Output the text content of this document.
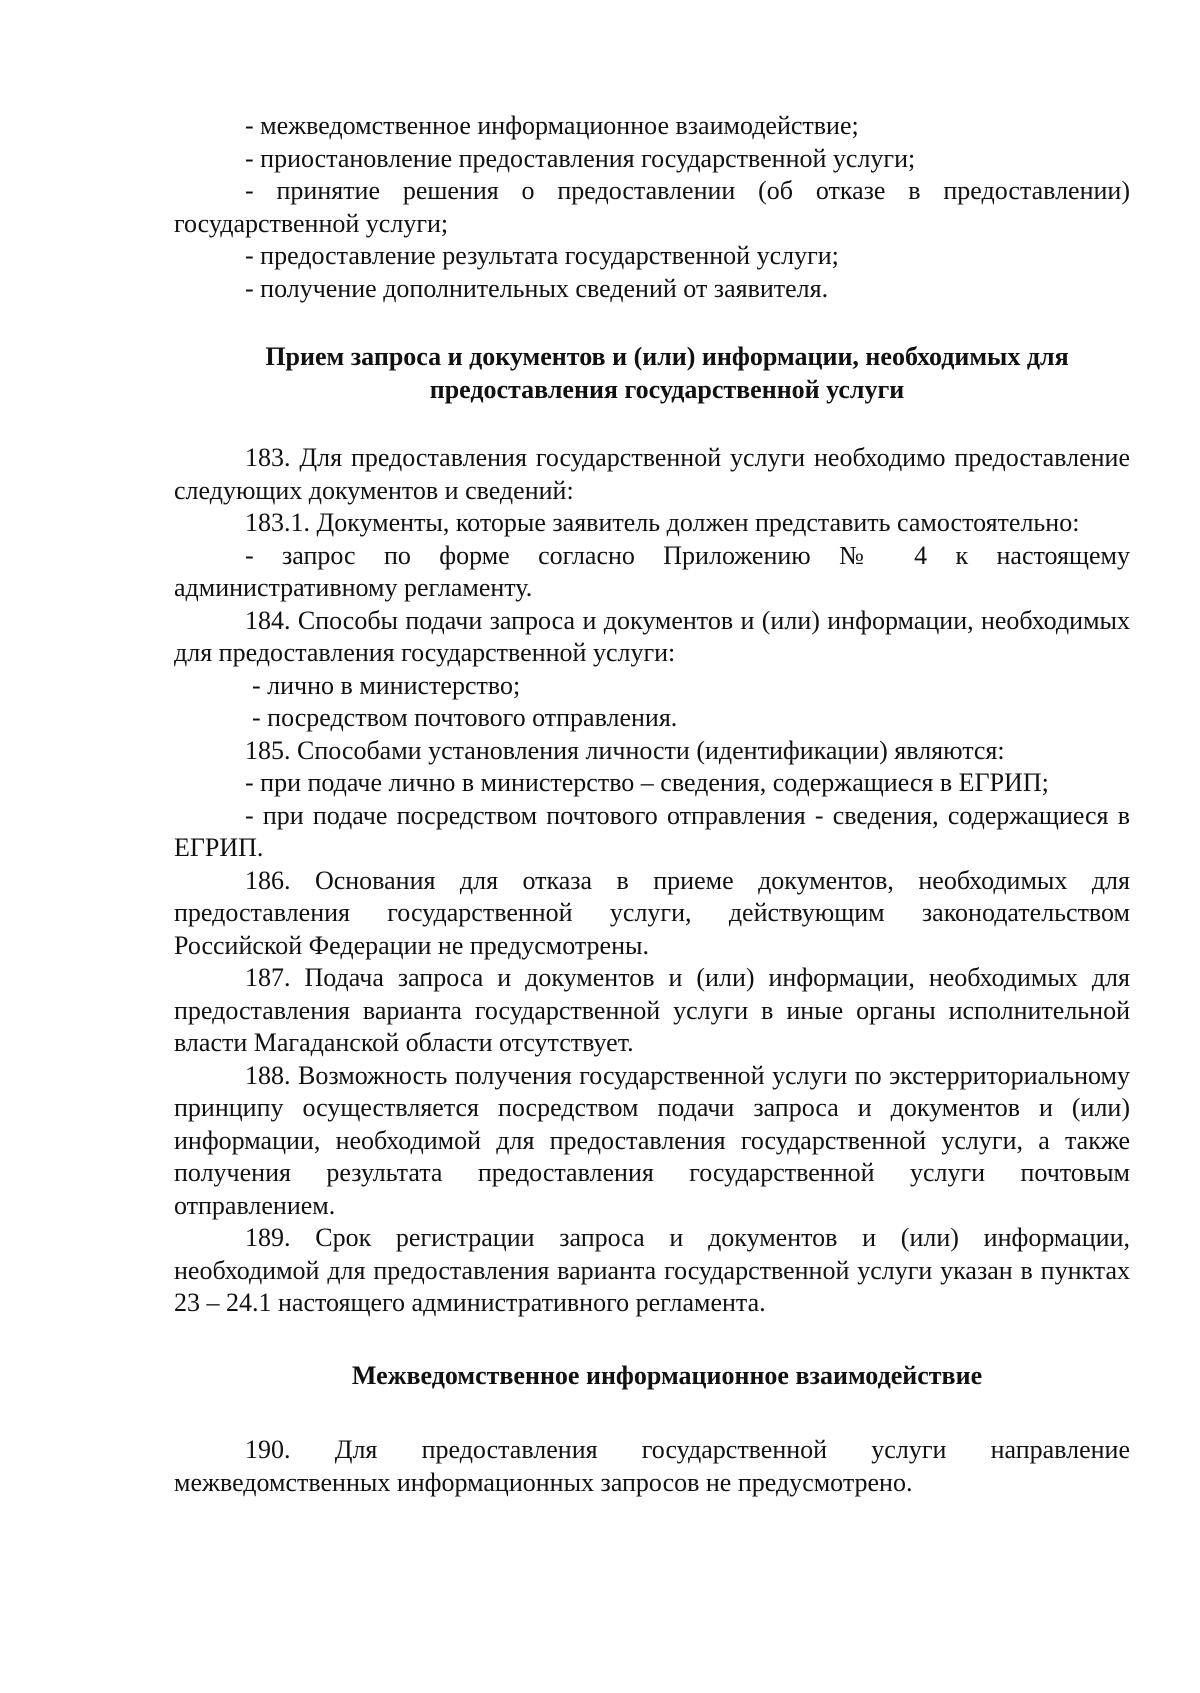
- межведомственное информационное взаимодействие;

- приостановление предоставления государственной услуги;

- принятие решения о предоставлении (об отказе в предоставлении) государственной услуги;

- предоставление результата государственной услуги;

- получение дополнительных сведений от заявителя.

Прием запроса и документов и (или) информации, необходимых для
предоставления государственной услуги

183. Для предоставления государственной услуги необходимо предоставление следующих документов и сведений:

183.1. Документы, которые заявитель должен представить самостоятельно:

- запрос по форме согласно Приложению № 4 к настоящему административному регламенту.

184. Способы подачи запроса и документов и (или) информации, необходимых для предоставления государственной услуги:

- лично в министерство;

- посредством почтового отправления.

185. Способами установления личности (идентификации) являются:

- при подаче лично в министерство – сведения, содержащиеся в ЕГРИП;

- при подаче посредством почтового отправления - сведения, содержащиеся в ЕГРИП.

186. Основания для отказа в приеме документов, необходимых для предоставления государственной услуги, действующим законодательством Российской Федерации не предусмотрены.

187. Подача запроса и документов и (или) информации, необходимых для предоставления варианта государственной услуги в иные органы исполнительной власти Магаданской области отсутствует.

188. Возможность получения государственной услуги по экстерриториальному принципу осуществляется посредством подачи запроса и документов и (или) информации, необходимой для предоставления государственной услуги, а также получения результата предоставления государственной услуги почтовым отправлением.

189. Срок регистрации запроса и документов и (или) информации, необходимой для предоставления варианта государственной услуги указан в пунктах 23 – 24.1 настоящего административного регламента.

Межведомственное информационное взаимодействие

190. Для предоставления государственной услуги направление межведомственных информационных запросов не предусмотрено.
